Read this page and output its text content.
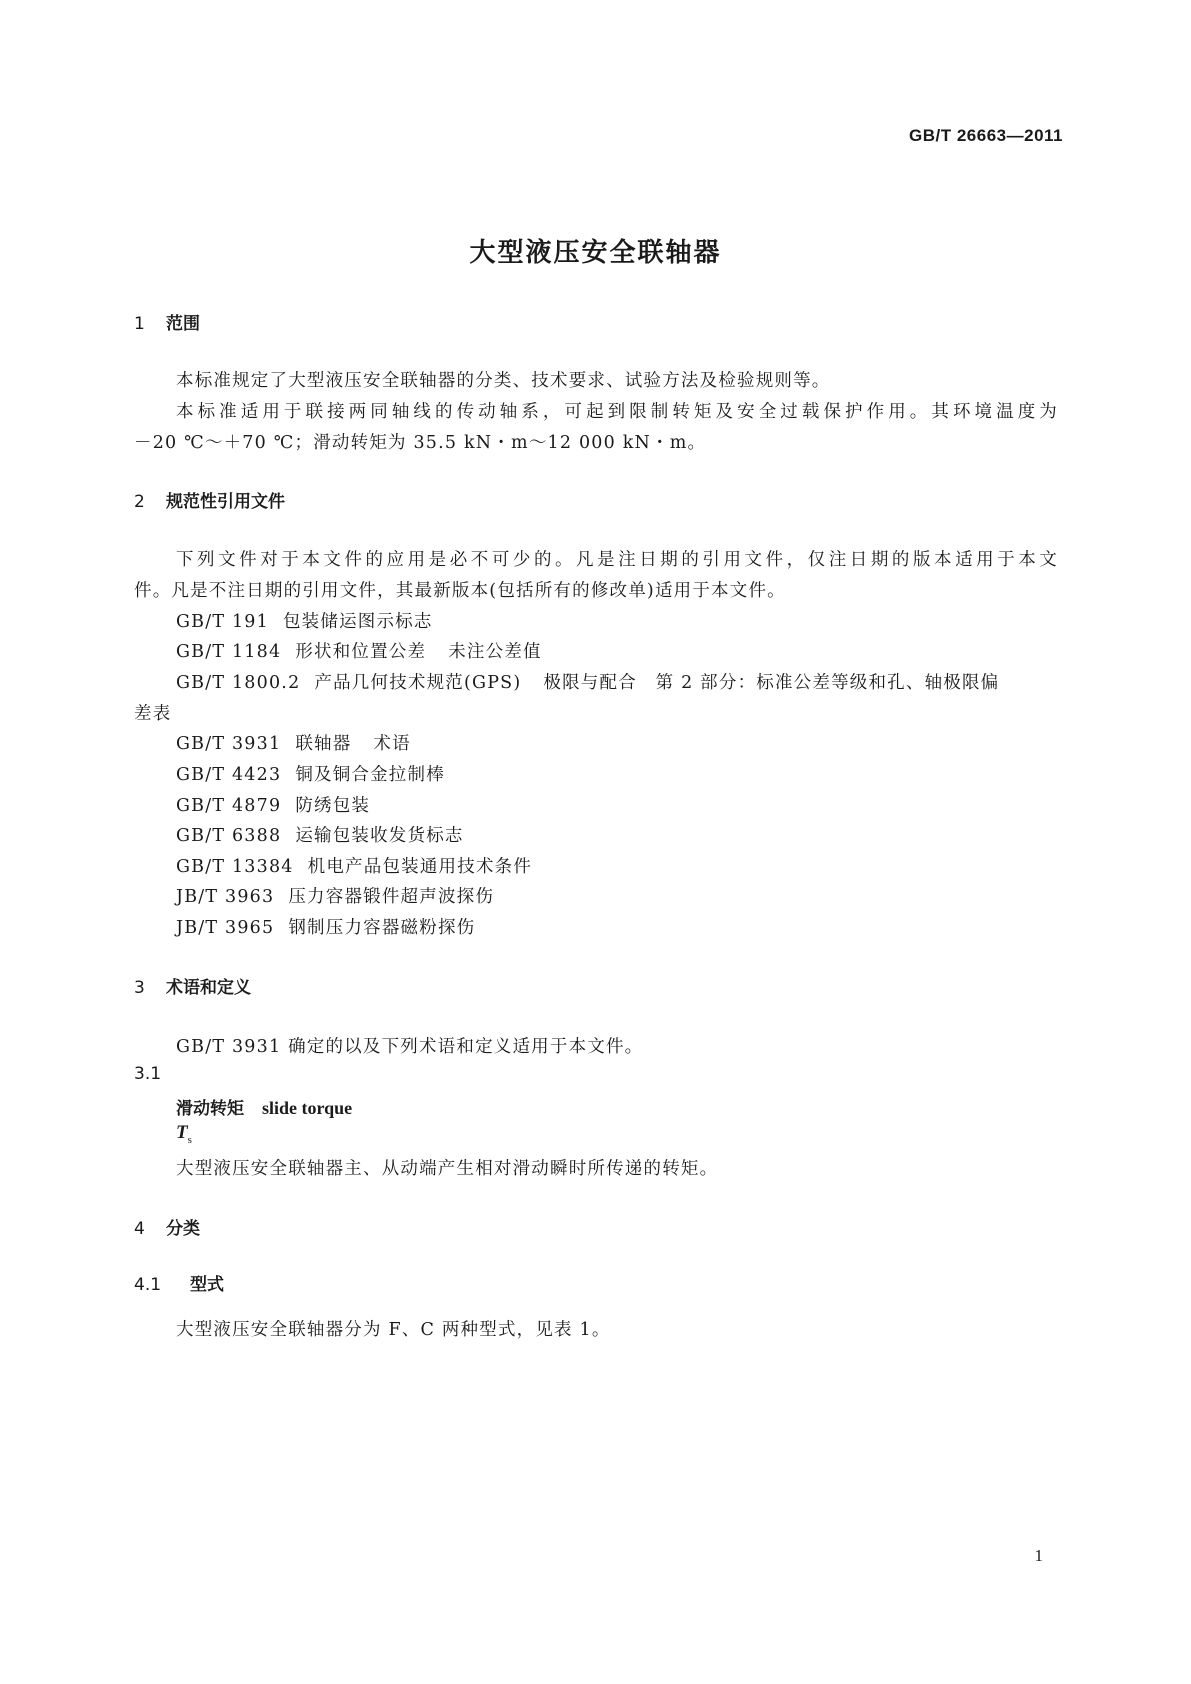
GB/T 26663—2011
大型液压安全联轴器
1 范围
本标准规定了大型液压安全联轴器的分类、技术要求、试验方法及检验规则等。
本标准适用于联接两同轴线的传动轴系，可起到限制转矩及安全过载保护作用。其环境温度为
－20 ℃～＋70 ℃；滑动转矩为 35.5 kN・m～12 000 kN・m。
2 规范性引用文件
下列文件对于本文件的应用是必不可少的。凡是注日期的引用文件，仅注日期的版本适用于本文
件。凡是不注日期的引用文件，其最新版本(包括所有的修改单)适用于本文件。
GB/T 191 包装储运图示标志
GB/T 1184 形状和位置公差 未注公差值
GB/T 1800.2 产品几何技术规范(GPS) 极限与配合　第 2 部分：标准公差等级和孔、轴极限偏
差表
GB/T 3931 联轴器 术语
GB/T 4423 铜及铜合金拉制棒
GB/T 4879 防绣包装
GB/T 6388 运输包装收发货标志
GB/T 13384 机电产品包装通用技术条件
JB/T 3963 压力容器锻件超声波探伤
JB/T 3965 钢制压力容器磁粉探伤
3 术语和定义
GB/T 3931 确定的以及下列术语和定义适用于本文件。
3.1
滑动转矩 slide torque
$T_s$
大型液压安全联轴器主、从动端产生相对滑动瞬时所传递的转矩。
4 分类
4.1 型式
大型液压安全联轴器分为 F、C 两种型式，见表 1。
1
